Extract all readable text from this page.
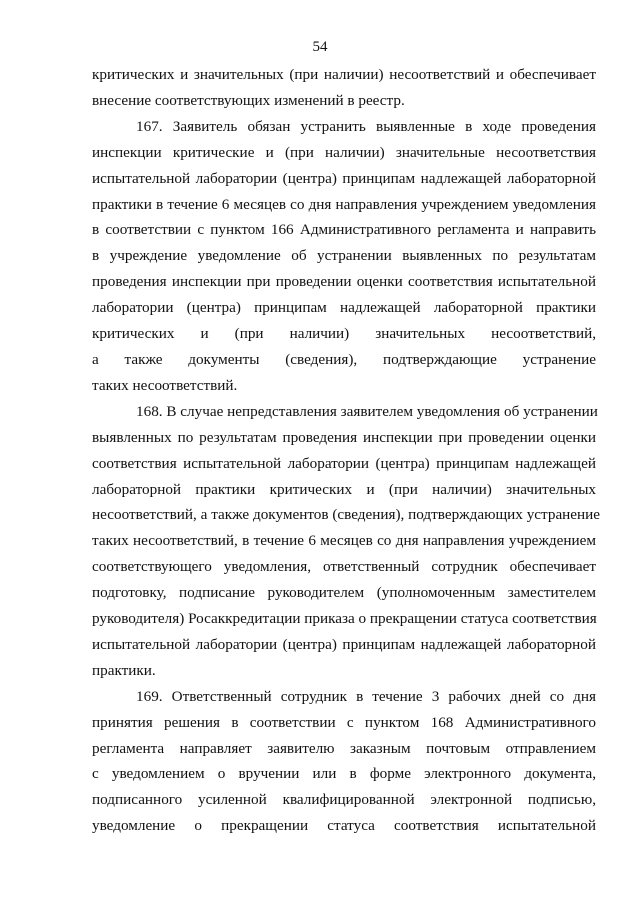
54
критических и значительных (при наличии) несоответствий и обеспечивает
внесение соответствующих изменений в реестр.
167. Заявитель обязан устранить выявленные в ходе проведения
инспекции критические и (при наличии) значительные несоответствия
испытательной лаборатории (центра) принципам надлежащей лабораторной
практики в течение 6 месяцев со дня направления учреждением уведомления
в соответствии с пунктом 166 Административного регламента и направить
в учреждение уведомление об устранении выявленных по результатам
проведения инспекции при проведении оценки соответствия испытательной
лаборатории (центра) принципам надлежащей лабораторной практики
критических и (при наличии) значительных несоответствий,
а также документы (сведения), подтверждающие устранение
таких несоответствий.
168. В случае непредставления заявителем уведомления об устранении
выявленных по результатам проведения инспекции при проведении оценки
соответствия испытательной лаборатории (центра) принципам надлежащей
лабораторной практики критических и (при наличии) значительных
несоответствий, а также документов (сведения), подтверждающих устранение
таких несоответствий, в течение 6 месяцев со дня направления учреждением
соответствующего уведомления, ответственный сотрудник обеспечивает
подготовку, подписание руководителем (уполномоченным заместителем
руководителя) Росаккредитации приказа о прекращении статуса соответствия
испытательной лаборатории (центра) принципам надлежащей лабораторной
практики.
169. Ответственный сотрудник в течение 3 рабочих дней со дня
принятия решения в соответствии с пунктом 168 Административного
регламента направляет заявителю заказным почтовым отправлением
с уведомлением о вручении или в форме электронного документа,
подписанного усиленной квалифицированной электронной подписью,
уведомление о прекращении статуса соответствия испытательной
